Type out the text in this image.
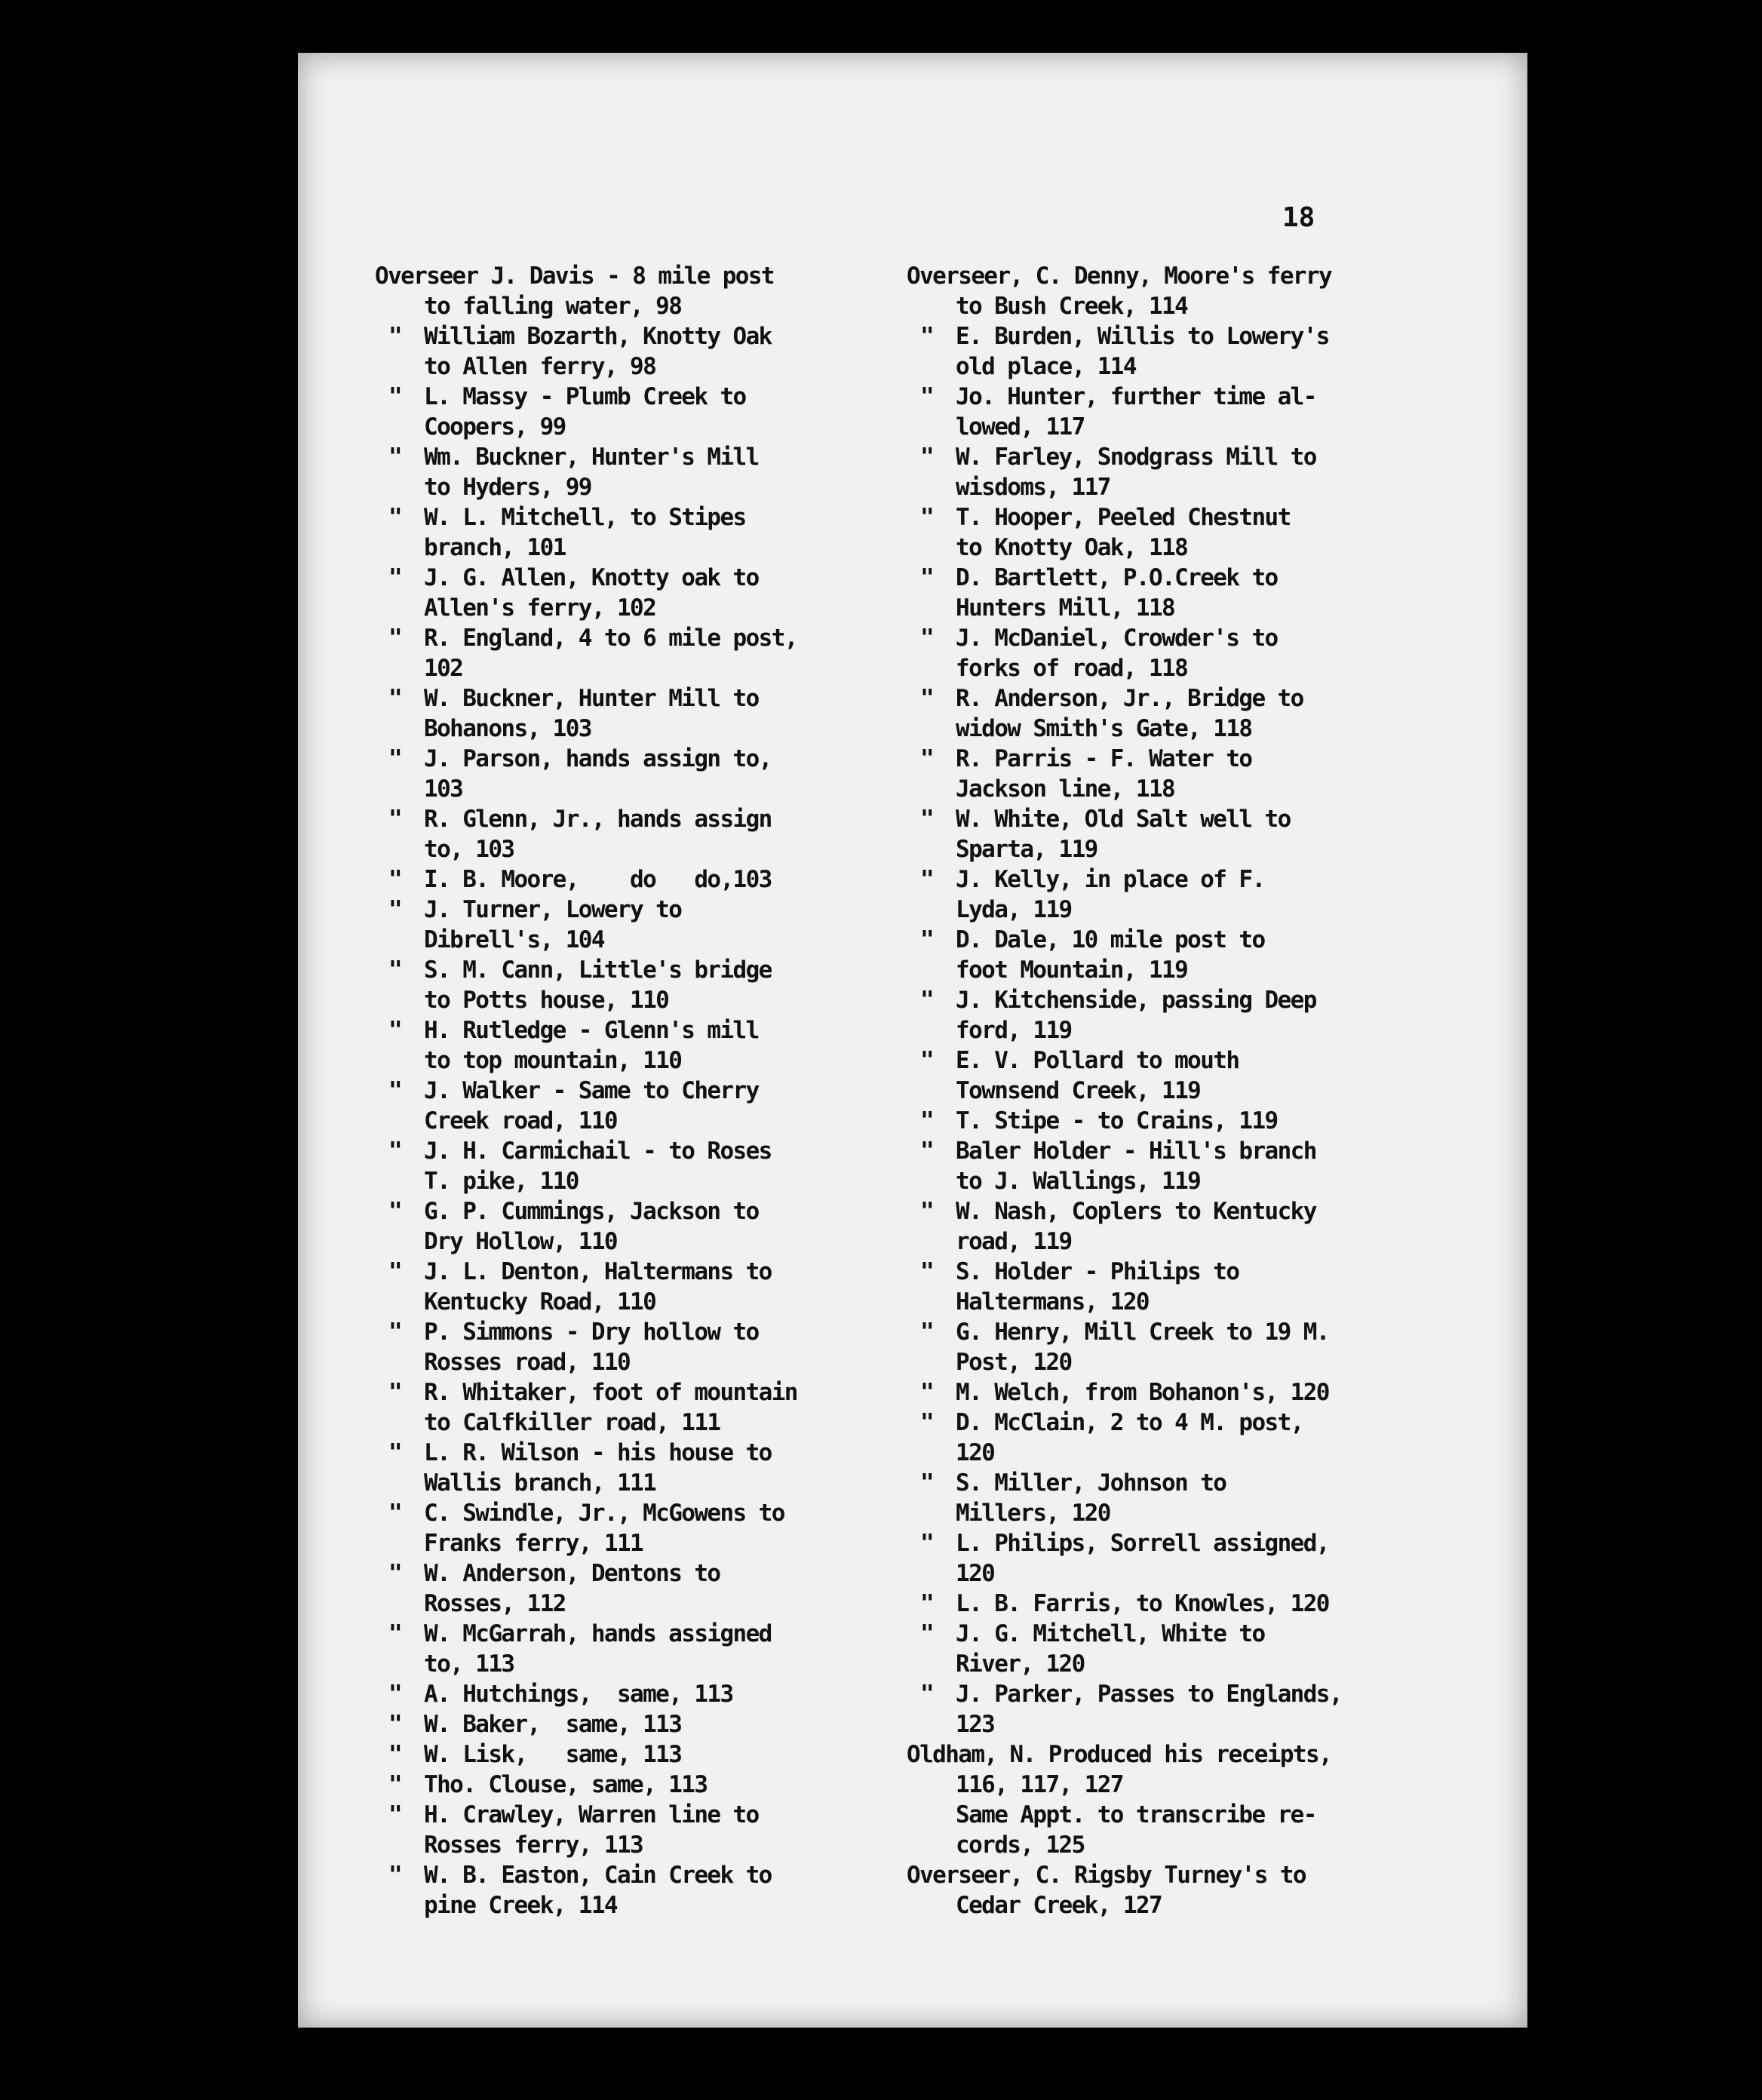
18
Overseer J. Davis - 8 mile post
to falling water, 98
" William Bozarth, Knotty Oak
to Allen ferry, 98
" L. Massy - Plumb Creek to
Coopers, 99
" Wm. Buckner, Hunter's Mill
to Hyders, 99
" W. L. Mitchell, to Stipes
branch, 101
" J. G. Allen, Knotty oak to
Allen's ferry, 102
" R. England, 4 to 6 mile post,
102
" W. Buckner, Hunter Mill to
Bohanons, 103
" J. Parson, hands assign to,
103
" R. Glenn, Jr., hands assign
to, 103
" I. B. Moore,    do   do,103
" J. Turner, Lowery to
Dibrell's, 104
" S. M. Cann, Little's bridge
to Potts house, 110
" H. Rutledge - Glenn's mill
to top mountain, 110
" J. Walker - Same to Cherry
Creek road, 110
" J. H. Carmichail - to Roses
T. pike, 110
" G. P. Cummings, Jackson to
Dry Hollow, 110
" J. L. Denton, Haltermans to
Kentucky Road, 110
" P. Simmons - Dry hollow to
Rosses road, 110
" R. Whitaker, foot of mountain
to Calfkiller road, 111
" L. R. Wilson - his house to
Wallis branch, 111
" C. Swindle, Jr., McGowens to
Franks ferry, 111
" W. Anderson, Dentons to
Rosses, 112
" W. McGarrah, hands assigned
to, 113
" A. Hutchings,  same, 113
" W. Baker,  same, 113
" W. Lisk,   same, 113
" Tho. Clouse, same, 113
" H. Crawley, Warren line to
Rosses ferry, 113
" W. B. Easton, Cain Creek to
pine Creek, 114
Overseer, C. Denny, Moore's ferry
to Bush Creek, 114
" E. Burden, Willis to Lowery's
old place, 114
" Jo. Hunter, further time al-
lowed, 117
" W. Farley, Snodgrass Mill to
wisdoms, 117
" T. Hooper, Peeled Chestnut
to Knotty Oak, 118
" D. Bartlett, P.O.Creek to
Hunters Mill, 118
" J. McDaniel, Crowder's to
forks of road, 118
" R. Anderson, Jr., Bridge to
widow Smith's Gate, 118
" R. Parris - F. Water to
Jackson line, 118
" W. White, Old Salt well to
Sparta, 119
" J. Kelly, in place of F.
Lyda, 119
" D. Dale, 10 mile post to
foot Mountain, 119
" J. Kitchenside, passing Deep
ford, 119
" E. V. Pollard to mouth
Townsend Creek, 119
" T. Stipe - to Crains, 119
" Baler Holder - Hill's branch
to J. Wallings, 119
" W. Nash, Coplers to Kentucky
road, 119
" S. Holder - Philips to
Haltermans, 120
" G. Henry, Mill Creek to 19 M.
Post, 120
" M. Welch, from Bohanon's, 120
" D. McClain, 2 to 4 M. post,
120
" S. Miller, Johnson to
Millers, 120
" L. Philips, Sorrell assigned,
120
" L. B. Farris, to Knowles, 120
" J. G. Mitchell, White to
River, 120
" J. Parker, Passes to Englands,
123
Oldham, N. Produced his receipts,
116, 117, 127
Same Appt. to transcribe re-
cords, 125
Overseer, C. Rigsby Turney's to
Cedar Creek, 127
